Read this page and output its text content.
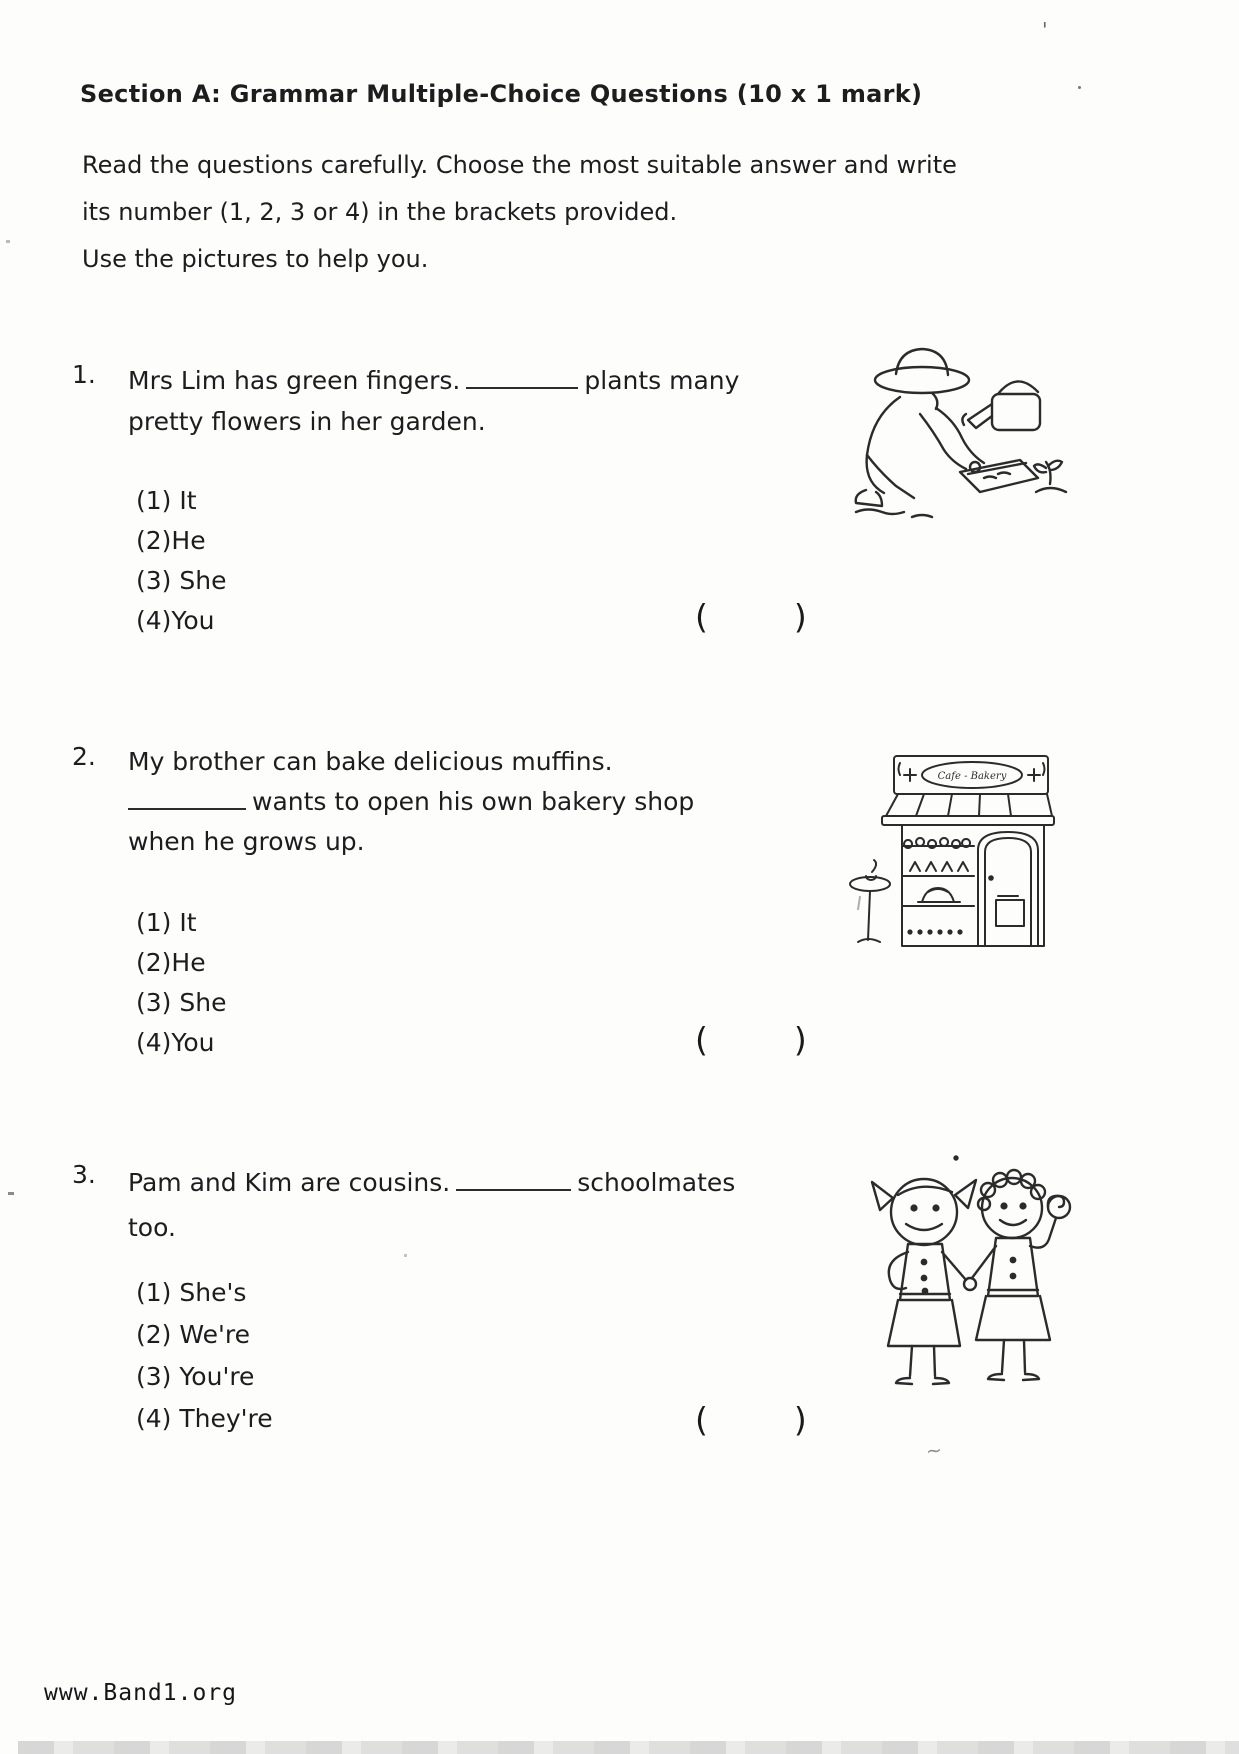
Section A: Grammar Multiple-Choice Questions (10 x 1 mark)
Read the questions carefully. Choose the most suitable answer and write
its number (1, 2, 3 or 4) in the brackets provided.
Use the pictures to help you.
1. Mrs Lim has green fingers.	plants many
pretty flowers in her garden.
(1) It
(2)He
(3) She
(4)You	(	)
2. My brother can bake delicious muffins.
wants to open his own bakery shop
when he grows up.
(1) It
(2)He
(3) She
(4)You	(	)
Cafe - Bakery
3. Pam and Kim are cousins.	schoolmates
too.
(1) She's
(2) We're
(3) You're
(4) They're	(	)
www.Band1.org
'
~
